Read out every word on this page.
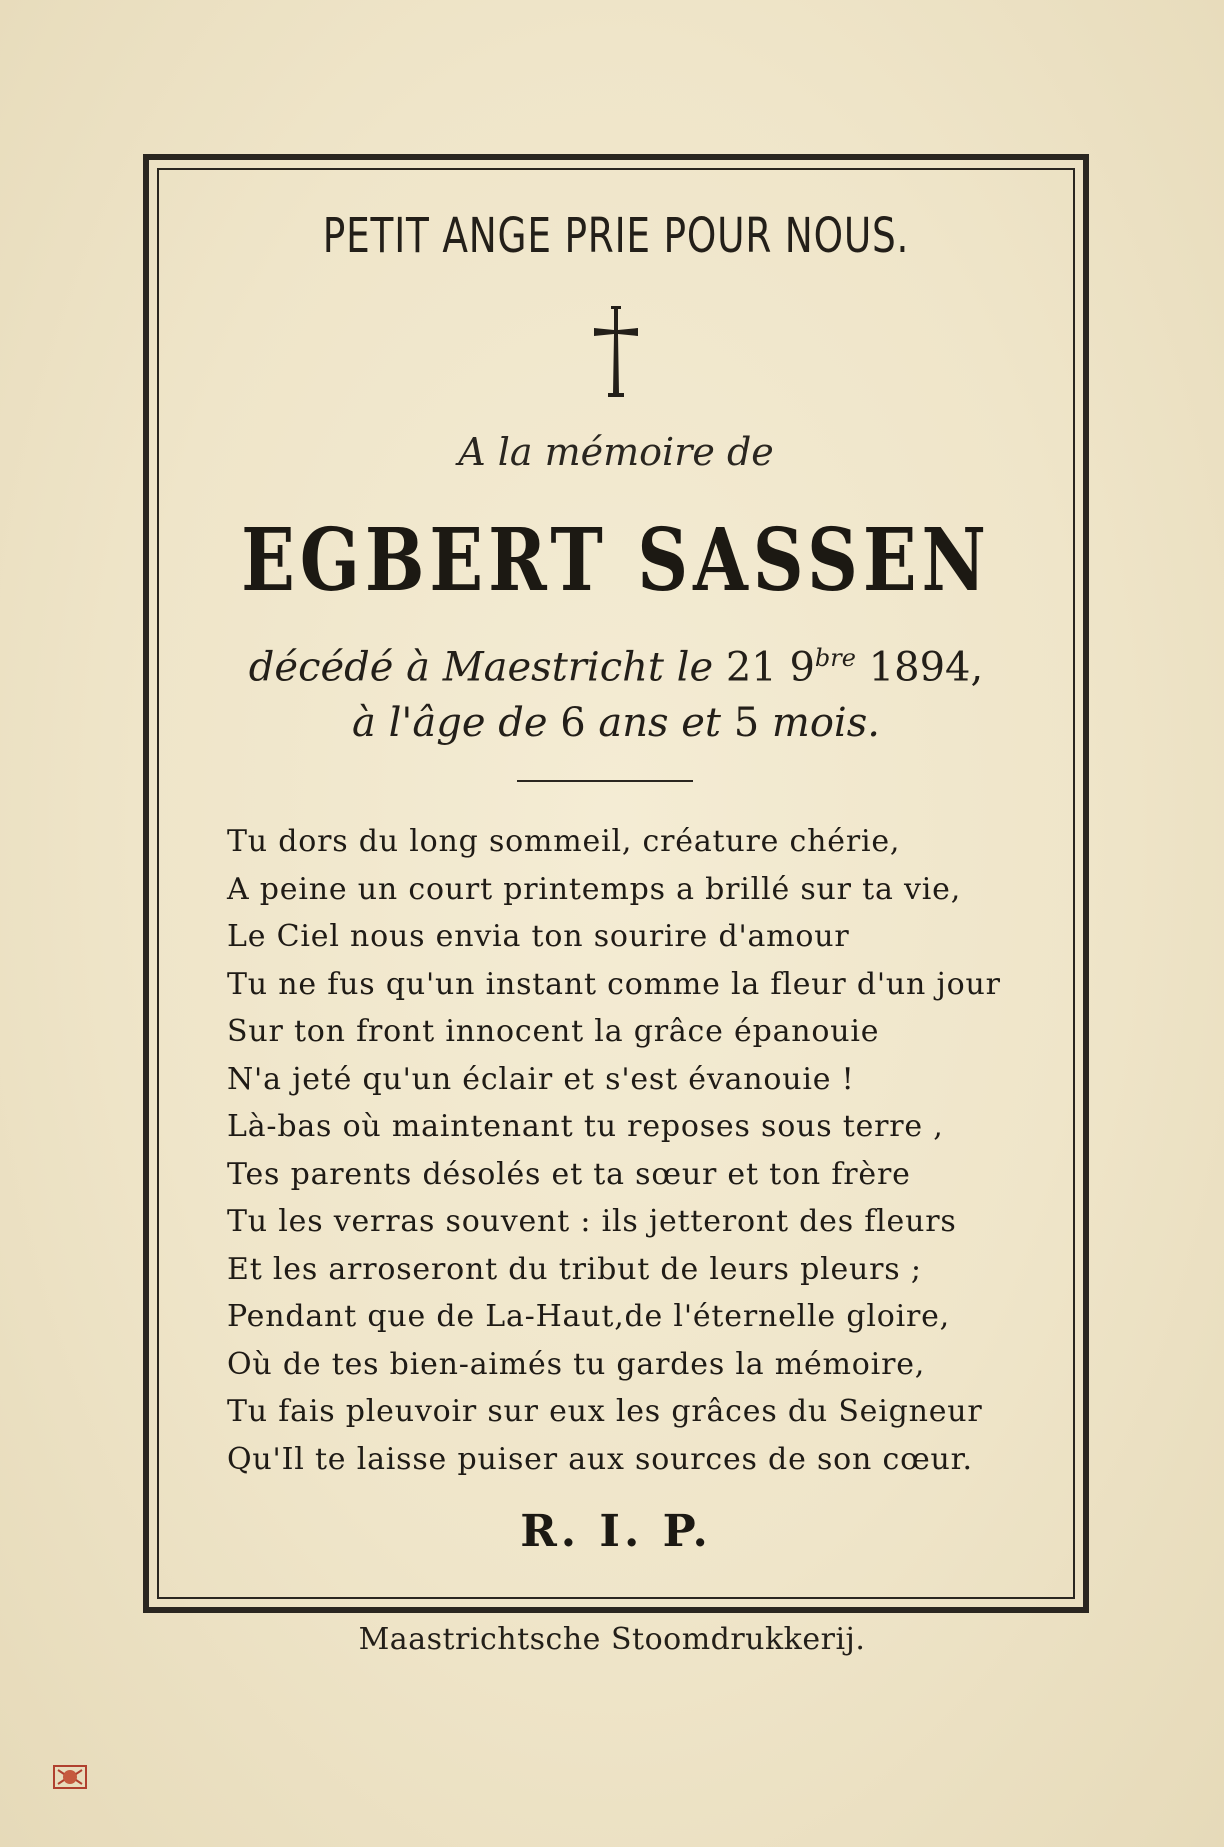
PETIT ANGE PRIE POUR NOUS.
A la mémoire de
EGBERT SASSEN
décédé à Maestricht le 21 $9^{bre}$ 1894,
à l'âge de 6 ans et 5 mois.
Tu dors du long sommeil, créature chérie,
A peine un court printemps a brillé sur ta vie,
Le Ciel nous envia ton sourire d'amour
Tu ne fus qu'un instant comme la fleur d'un jour
Sur ton front innocent la grâce épanouie
N'a jeté qu'un éclair et s'est évanouie !
Là-bas où maintenant tu reposes sous terre ,
Tes parents désolés et ta sœur et ton frère
Tu les verras souvent : ils jetteront des fleurs
Et les arroseront du tribut de leurs pleurs ;
Pendant que de La-Haut,de l'éternelle gloire,
Où de tes bien-aimés tu gardes la mémoire,
Tu fais pleuvoir sur eux les grâces du Seigneur
Qu'Il te laisse puiser aux sources de son cœur.
R. I. P.
Maastrichtsche Stoomdrukkerij.
